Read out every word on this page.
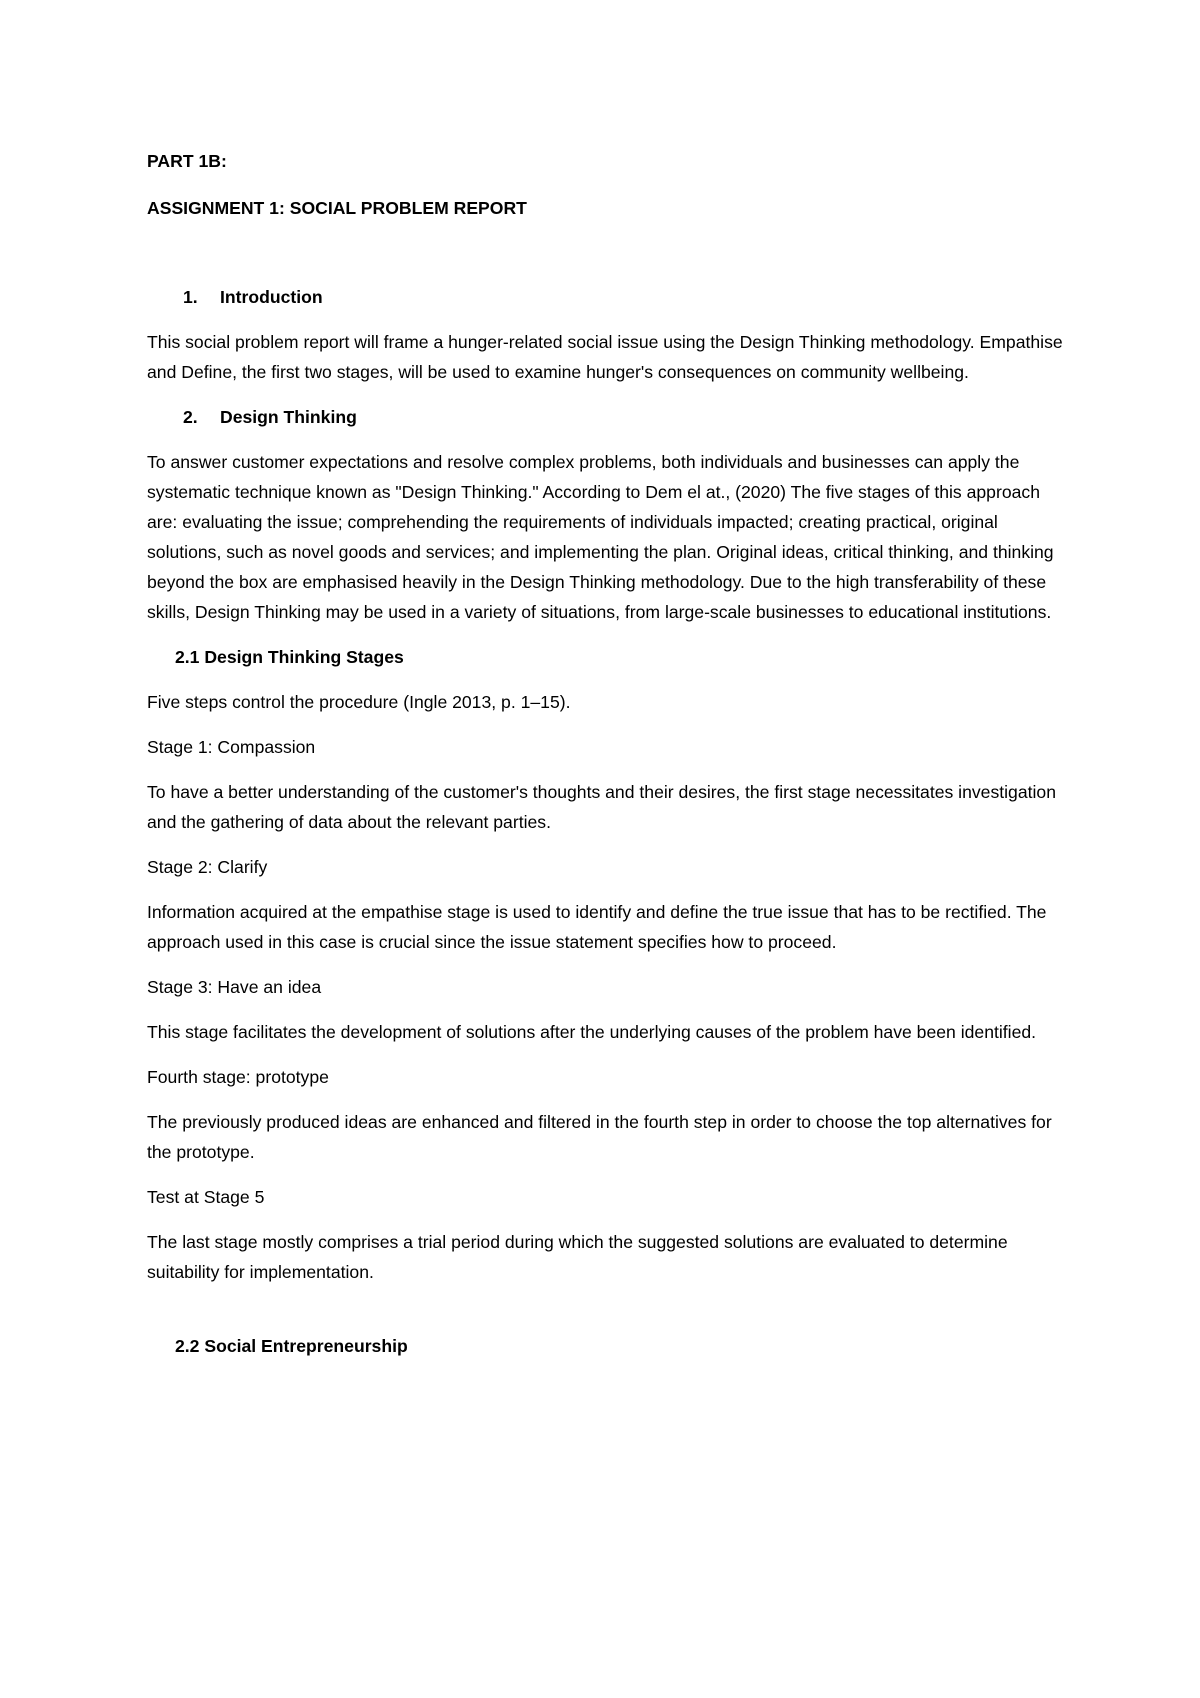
PART 1B:

ASSIGNMENT 1: SOCIAL PROBLEM REPORT

1. Introduction

This social problem report will frame a hunger-related social issue using the Design Thinking methodology. Empathise and Define, the first two stages, will be used to examine hunger's consequences on community wellbeing.

2. Design Thinking

To answer customer expectations and resolve complex problems, both individuals and businesses can apply the systematic technique known as "Design Thinking." According to Dem el at., (2020) The five stages of this approach are: evaluating the issue; comprehending the requirements of individuals impacted; creating practical, original solutions, such as novel goods and services; and implementing the plan. Original ideas, critical thinking, and thinking beyond the box are emphasised heavily in the Design Thinking methodology. Due to the high transferability of these skills, Design Thinking may be used in a variety of situations, from large-scale businesses to educational institutions.

2.1 Design Thinking Stages

Five steps control the procedure (Ingle 2013, p. 1–15).

Stage 1: Compassion

To have a better understanding of the customer's thoughts and their desires, the first stage necessitates investigation and the gathering of data about the relevant parties.

Stage 2: Clarify

Information acquired at the empathise stage is used to identify and define the true issue that has to be rectified. The approach used in this case is crucial since the issue statement specifies how to proceed.

Stage 3: Have an idea

This stage facilitates the development of solutions after the underlying causes of the problem have been identified.

Fourth stage: prototype

The previously produced ideas are enhanced and filtered in the fourth step in order to choose the top alternatives for the prototype.

Test at Stage 5

The last stage mostly comprises a trial period during which the suggested solutions are evaluated to determine suitability for implementation.

2.2 Social Entrepreneurship
